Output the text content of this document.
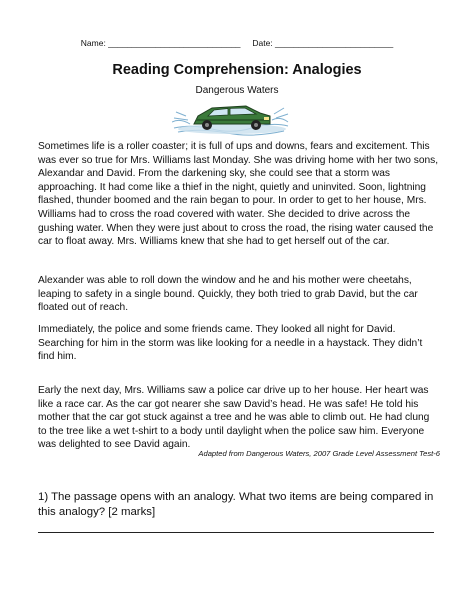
Name: ____________________________ Date: _________________________
Reading Comprehension: Analogies
Dangerous Waters

Sometimes life is a roller coaster; it is full of ups and downs, fears and excitement. This was ever so true for Mrs. Williams last Monday. She was driving home with her two sons, Alexandar and David. From the darkening sky, she could see that a storm was approaching. It had come like a thief in the night, quietly and uninvited. Soon, lightning flashed, thunder boomed and the rain began to pour. In order to get to her house, Mrs. Williams had to cross the road covered with water. She decided to drive across the gushing water. When they were just about to cross the road, the rising water caused the car to float away. Mrs. Williams knew that she had to get herself out of the car.

Alexander was able to roll down the window and he and his mother were cheetahs, leaping to safety in a single bound. Quickly, they both tried to grab David, but the car floated out of reach.

Immediately, the police and some friends came. They looked all night for David. Searching for him in the storm was like looking for a needle in a haystack. They didn’t find him.

Early the next day, Mrs. Williams saw a police car drive up to her house. Her heart was like a race car. As the car got nearer she saw David’s head. He was safe! He told his mother that the car got stuck against a tree and he was able to climb out. He had clung to the tree like a wet t-shirt to a body until daylight when the police saw him. Everyone was delighted to see David again.

Adapted from Dangerous Waters, 2007 Grade Level Assessment Test-6

1) The passage opens with an analogy. What two items are being compared in this analogy? [2 marks]
